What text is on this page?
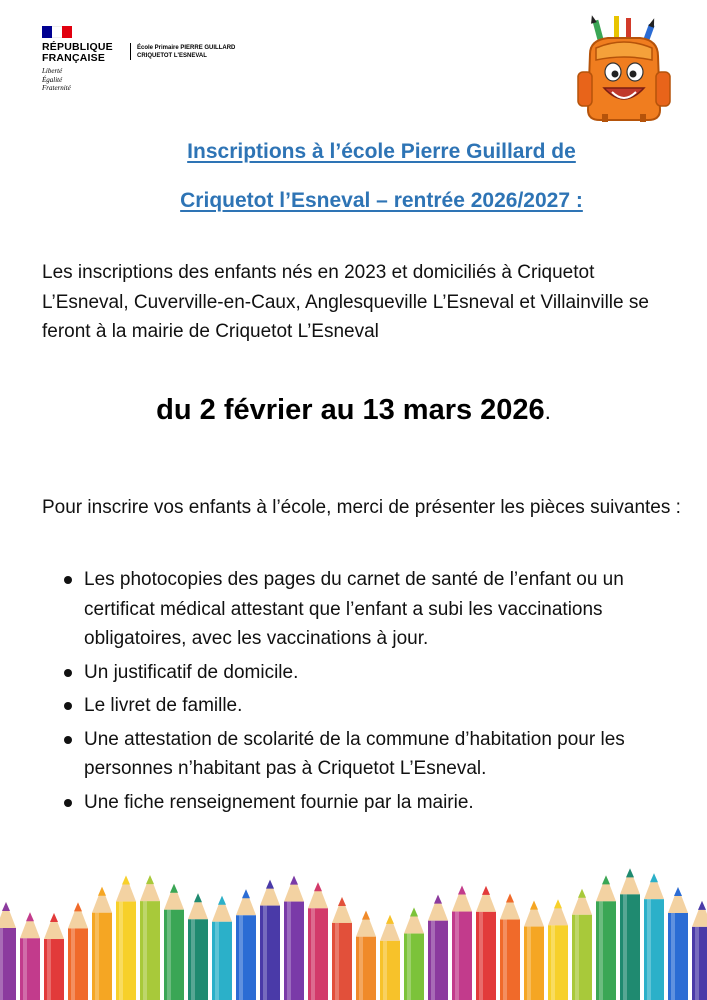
RÉPUBLIQUE
FRANÇAISE
Liberté
Égalité
Fraternité
École Primaire PIERRE GUILLARD
CRIQUETOT L'ESNEVAL
Inscriptions à l’école Pierre Guillard de
Criquetot l’Esneval – rentrée 2026/2027 :
Les inscriptions des enfants nés en 2023 et domiciliés à Criquetot L’Esneval, Cuverville-en-Caux, Anglesqueville L’Esneval et Villainville se feront à la mairie de Criquetot L’Esneval
du 2 février au 13 mars 2026.
Pour inscrire vos enfants à l’école, merci de présenter les pièces suivantes :
Les photocopies des pages du carnet de santé de l’enfant ou un certificat médical attestant que l’enfant a subi les vaccinations obligatoires, avec les vaccinations à jour.
Un justificatif de domicile.
Le livret de famille.
Une attestation de scolarité de la commune d’habitation pour les personnes n’habitant pas à Criquetot L’Esneval.
Une fiche renseignement fournie par la mairie.
